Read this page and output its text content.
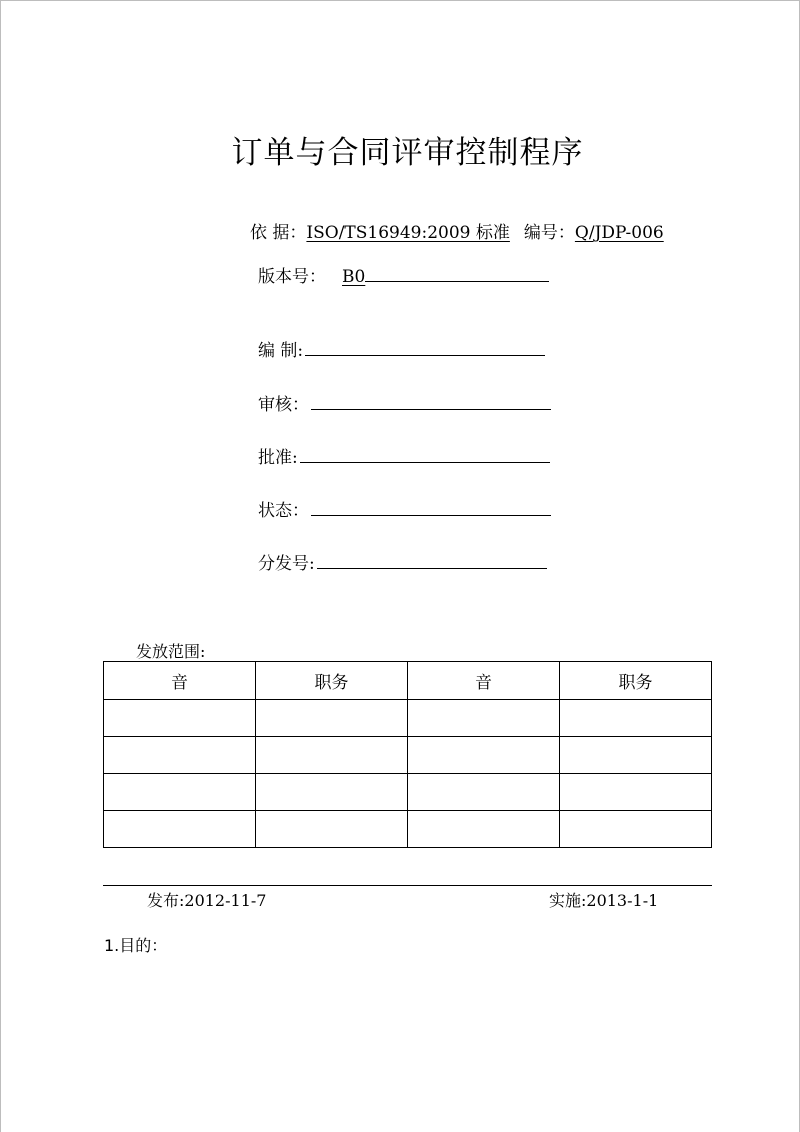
订单与合同评审控制程序
依 据：ISO/TS16949:2009 标准 编号：Q/JDP-006
版本号： B0
编 制:
审核：
批准:
状态：
分发号:
发放范围:
音	职务	音	职务

发布:2012-11-7	实施:2013-1-1
1.目的：
